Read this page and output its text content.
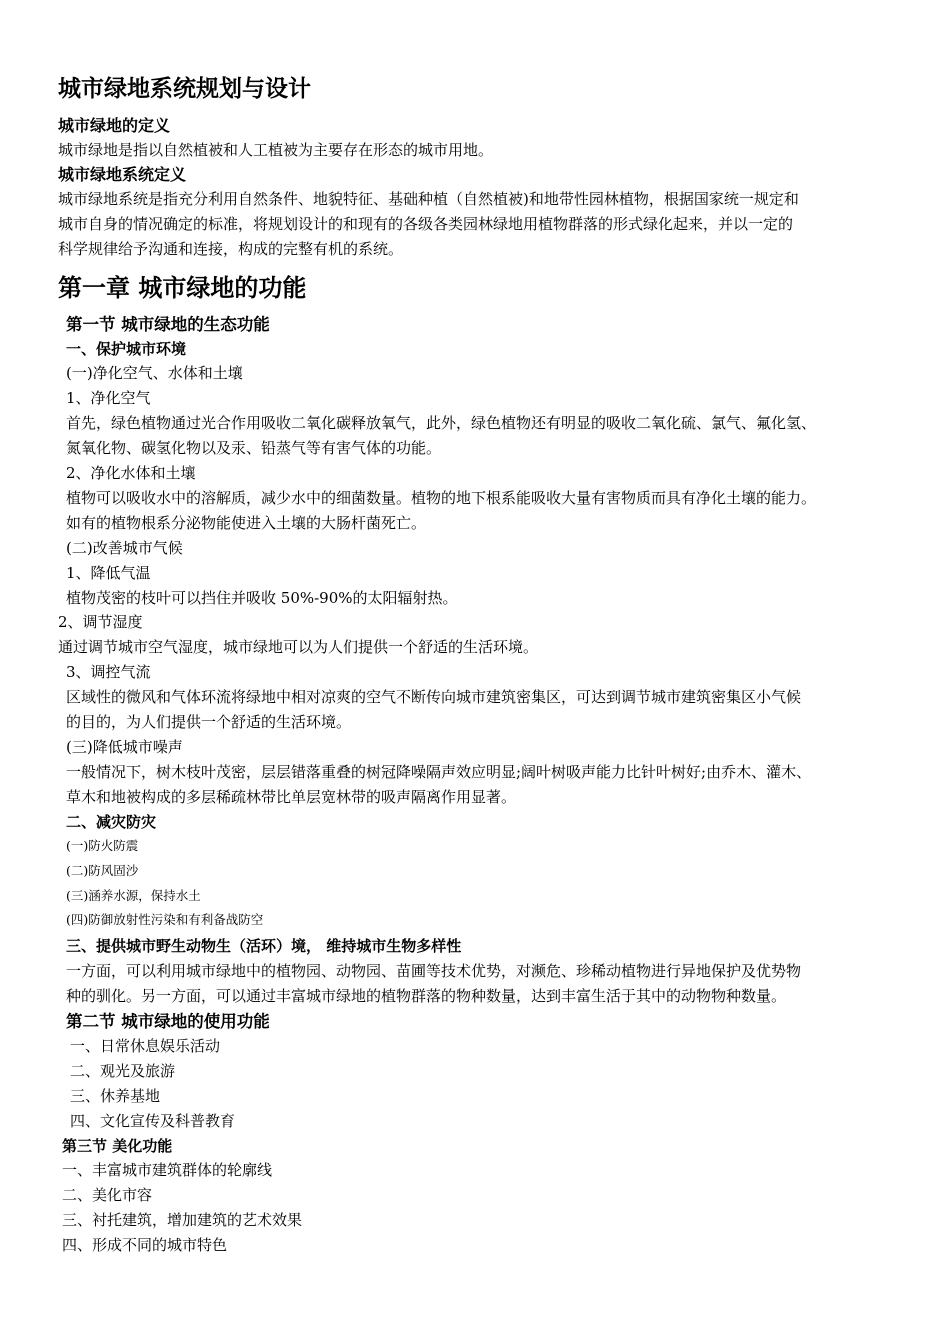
城市绿地系统规划与设计
城市绿地的定义
城市绿地是指以自然植被和人工植被为主要存在形态的城市用地。
城市绿地系统定义
城市绿地系统是指充分利用自然条件、地貌特征、基础种植（自然植被)和地带性园林植物，根据国家统一规定和
城市自身的情况确定的标准，将规划设计的和现有的各级各类园林绿地用植物群落的形式绿化起来，并以一定的
科学规律给予沟通和连接，构成的完整有机的系统。
第一章 城市绿地的功能
第一节 城市绿地的生态功能
一、保护城市环境
(一)净化空气、水体和土壤
1、净化空气
首先，绿色植物通过光合作用吸收二氧化碳释放氧气，此外，绿色植物还有明显的吸收二氧化硫、氯气、氟化氢、
氮氧化物、碳氢化物以及汞、铅蒸气等有害气体的功能。
2、净化水体和土壤
植物可以吸收水中的溶解质，减少水中的细菌数量。植物的地下根系能吸收大量有害物质而具有净化土壤的能力。
如有的植物根系分泌物能使进入土壤的大肠杆菌死亡。
(二)改善城市气候
1、降低气温
植物茂密的枝叶可以挡住并吸收 50%-90%的太阳辐射热。
2、调节湿度
通过调节城市空气湿度，城市绿地可以为人们提供一个舒适的生活环境。
3、调控气流
区域性的微风和气体环流将绿地中相对凉爽的空气不断传向城市建筑密集区，可达到调节城市建筑密集区小气候
的目的，为人们提供一个舒适的生活环境。
(三)降低城市噪声
一般情况下，树木枝叶茂密，层层错落重叠的树冠降噪隔声效应明显;阔叶树吸声能力比针叶树好;由乔木、灌木、
草木和地被构成的多层稀疏林带比单层宽林带的吸声隔离作用显著。
二、减灾防灾
(一)防火防震
(二)防风固沙
(三)涵养水源，保持水土
(四)防御放射性污染和有利备战防空
三、提供城市野生动物生（活环）境， 维持城市生物多样性
一方面，可以利用城市绿地中的植物园、动物园、苗圃等技术优势，对濒危、珍稀动植物进行异地保护及优势物
种的驯化。另一方面，可以通过丰富城市绿地的植物群落的物种数量，达到丰富生活于其中的动物物种数量。
第二节 城市绿地的使用功能
一、日常休息娱乐活动
二、观光及旅游
三、休养基地
四、文化宣传及科普教育
第三节 美化功能
一、丰富城市建筑群体的轮廓线
二、美化市容
三、衬托建筑，增加建筑的艺术效果
四、形成不同的城市特色
